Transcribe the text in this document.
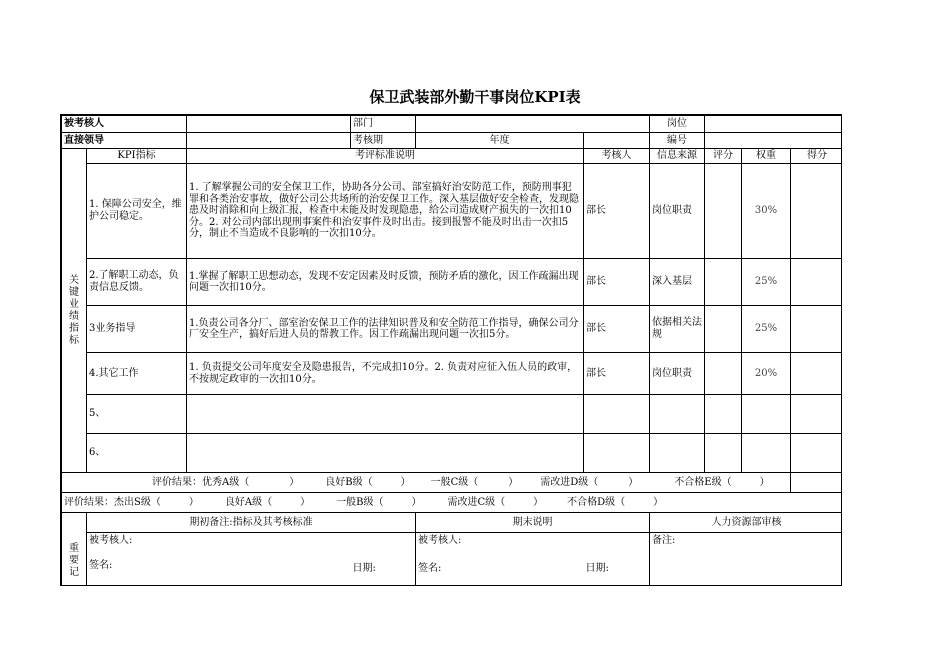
保卫武装部外勤干事岗位KPI表
被考核人			部门			岗位			
直接领导			考核期	年度		编号			
关键业绩指标	KPI指标	考评标准说明			考核人	信息来源	评分	权重	得分
	1. 保障公司安全，维护公司稳定。	1. 了解掌握公司的安全保卫工作，协助各分公司、部室搞好治安防范工作，预防刑事犯罪和各类治安事故，做好公司公共场所的治安保卫工作。深入基层做好安全检查，发现隐患及时消除和向上级汇报，检查中未能及时发现隐患，给公司造成财产损失的一次扣10分。2. 对公司内部出现刑事案件和治安事件及时出击。接到报警不能及时出击一次扣5分，制止不当造成不良影响的一次扣10分。			部长	岗位职责		30%	
	2.了解职工动态，负责信息反馈。	1.掌握了解职工思想动态，发现不安定因素及时反馈，预防矛盾的激化，因工作疏漏出现问题一次扣10分。			部长	深入基层		25%	
	3业务指导	1.负责公司各分厂、部室治安保卫工作的法律知识普及和安全防范工作指导，确保公司分厂安全生产，搞好后进人员的帮教工作。因工作疏漏出现问题一次扣5分。			部长	依据相关法规		25%	
	4.其它工作	1. 负责提交公司年度安全及隐患报告，不完成扣10分。2. 负责对应征入伍人员的政审，不按规定政审的一次扣10分。			部长	岗位职责		20%	
	5、								
	6、								
评价结果：优秀A级（ ） 良好B级（ ） 一般C级（ ） 需改进D级（ ） 不合格E级（ ）									
评价结果：杰出S级（ ） 良好A级（ ） 一般B级（ ） 需改进C级（ ） 不合格D级（ ）									
重要记	期初备注:指标及其考核标准			期末说明		人力资源部审核			
	被考核人:			被考核人:		备注:			
	签名:		日期:	签名:	日期:				
